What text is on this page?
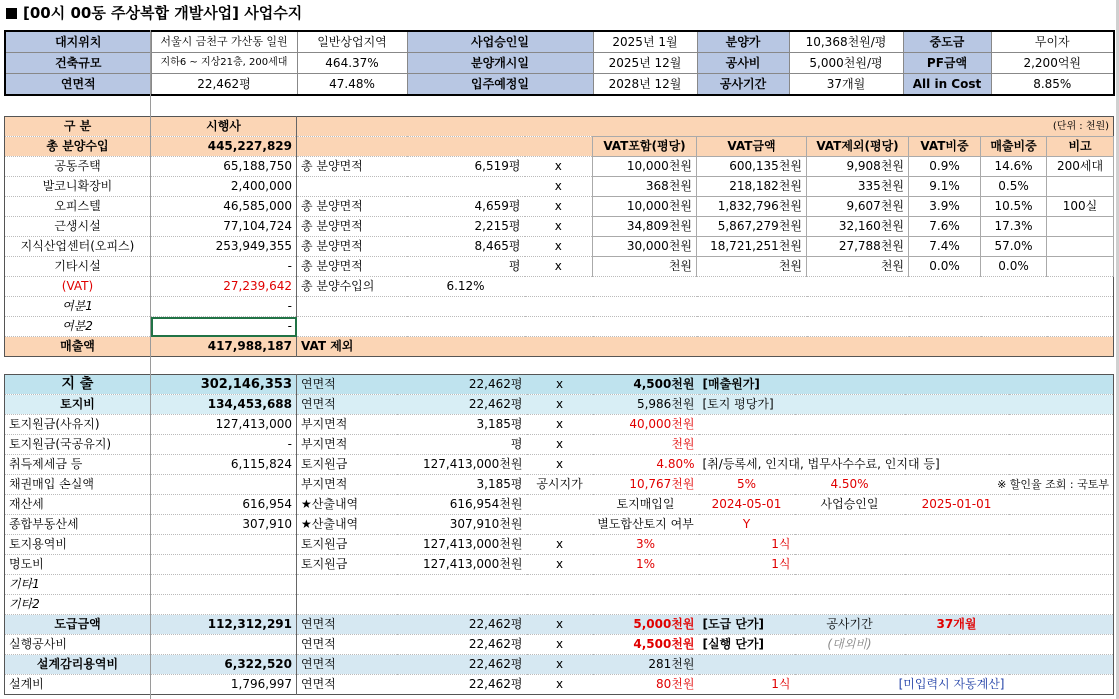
[00시 00동 주상복합 개발사업] 사업수지
대지위치	서울시 금천구 가산동 일원	일반상업지역	사업승인일	2025년 1월	분양가	10,368천원/평	중도금	무이자
건축규모	지하6 ~ 지상21층, 200세대	464.37%	분양개시일	2025년 12월	공사비	5,000천원/평	PF금액	2,200억원
연면적	22,462평	47.48%	입주예정일	2028년 12월	공사기간	37개월	All in Cost	8.85%
구 분	시행사	(단위 : 천원)								
총 분양수입	445,227,829				VAT포함(평당)	VAT금액	VAT제외(평당)	VAT비중	매출비중	비고
공동주택	65,188,750	총 분양면적	6,519평	x	10,000천원	600,135천원	9,908천원	0.9%	14.6%	200세대
발코니확장비	2,400,000			x	368천원	218,182천원	335천원	9.1%	0.5%	
오피스텔	46,585,000	총 분양면적	4,659평	x	10,000천원	1,832,796천원	9,607천원	3.9%	10.5%	100실
근생시설	77,104,724	총 분양면적	2,215평	x	34,809천원	5,867,279천원	32,160천원	7.6%	17.3%	
지식산업센터(오피스)	253,949,355	총 분양면적	8,465평	x	30,000천원	18,721,251천원	27,788천원	7.4%	57.0%	
기타시설	-	총 분양면적	평	x	천원	천원	천원	0.0%	0.0%	
(VAT)	27,239,642	총 분양수입의	6.12%							
여분1	-									
여분2	-									
매출액	417,988,187	VAT 제외								
지 출	302,146,353	연면적	22,462평	x	4,500천원	[매출원가]			
토지비	134,453,688	연면적	22,462평	x	5,986천원	[토지 평당가]			
토지원금(사유지)	127,413,000	부지면적	3,185평	x	40,000천원				
토지원금(국공유지)	-	부지면적	평	x	천원				
취득제세금 등	6,115,824	토지원금	127,413,000천원	x	4.80%	[취/등록세, 인지대, 법무사수수료, 인지대 등]			
채권매입 손실액		부지면적	3,185평	공시지가	10,767천원	5%	4.50%	※ 할인율 조회 : 국토부	
재산세	616,954	★산출내역	616,954천원		토지매입일	2024-05-01	사업승인일	2025-01-01	
종합부동산세	307,910	★산출내역	307,910천원		별도합산토지 여부	Y			
토지용역비		토지원금	127,413,000천원	x	3%	1식			
명도비		토지원금	127,413,000천원	x	1%	1식			
기타1									
기타2									
도급금액	112,312,291	연면적	22,462평	x	5,000천원	[도급 단가]	공사기간	37개월	
실행공사비		연면적	22,462평	x	4,500천원	[실행 단가]	(대외비)		
설계감리용역비	6,322,520	연면적	22,462평	x	281천원				
설계비	1,796,997	연면적	22,462평	x	80천원	1식	[미입력시 자동계산]		
